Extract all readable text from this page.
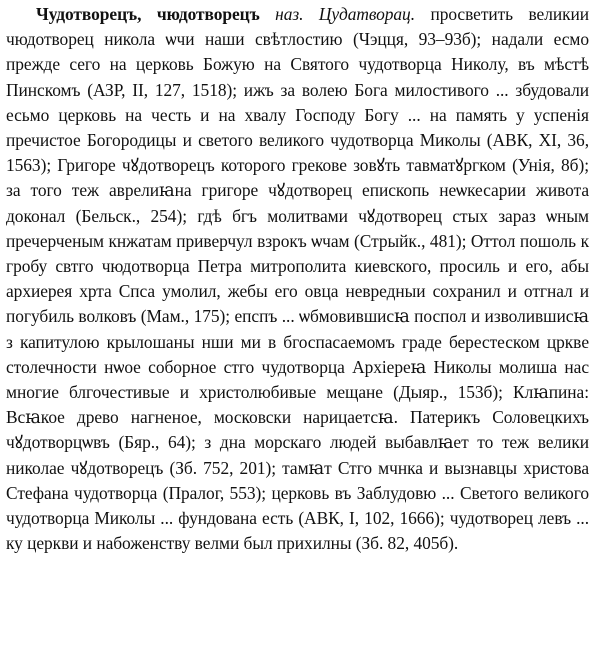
Чудотворецъ, чюдотворецъ наз. Цудатворац. просветить великии чюдотворец никола ѡчи наши свѣтлостию (Чэцця, 93–93б); надали есмо прежде сего на церковь Божую на Святого чудотворца Николу, въ мѣстѣ Пинскомъ (АЗР, II, 127, 1518); ижъ за волею Бога милостивого ... збудовали есьмо церковь на честь и на хвалу Господу Богу ... на память у успенія пречистое Богородицы и светого великого чудотворца Миколы (АВК, XI, 36, 1563); Григоре чꙋдотворецъ которого грекове зовꙋть тавматꙋргком (Унія, 8б); за того теж аврелиꙗна григоре чꙋдотворец епископь неѡкесарии живота доконал (Бельск., 254); гдѣ бгъ молитвами чꙋдотворец стых зараз ѡным пречерченым кнжатам приверчул взрокъ ѡчам (Стрыйк., 481); Оттол пошоль к гробу свтго чюдотворца Петра митрополита киевского, просиль и его, абы архиерея хрта Спса умолил, жебы его овца невредныи сохранил и отгнал и погубиль волковъ (Мам., 175); епспъ ... ѡбмовившисꙗ поспол и изволившисꙗ з капитулою крылошаны нши ми в бгоспасаемомъ граде берестеском црквe столечности нѡое соборное стго чудотворца Архіереꙗ Николы молиша нас многие блгочестивые и христолюбивые мещане (Дыяр., 153б); Клꙗпина: Всꙗкое древо нагненое, московски нарицаетсꙗ. Патерикъ Соловецкихъ чꙋдотворцѡвъ (Бяр., 64); з дна морскаго людей выбавлꙗет то теж велики николае чꙋдотворецъ (Зб. 752, 201); тамꙗт Стго мчнка и вызнавцы христова Стефана чудотворца (Пралог, 553); церковь въ Заблудовю ... Светого великого чудотворца Миколы ... фундована есть (АВК, I, 102, 1666); чудотворец левъ ... ку церкви и набоженству велми был прихилны (Зб. 82, 405б).
